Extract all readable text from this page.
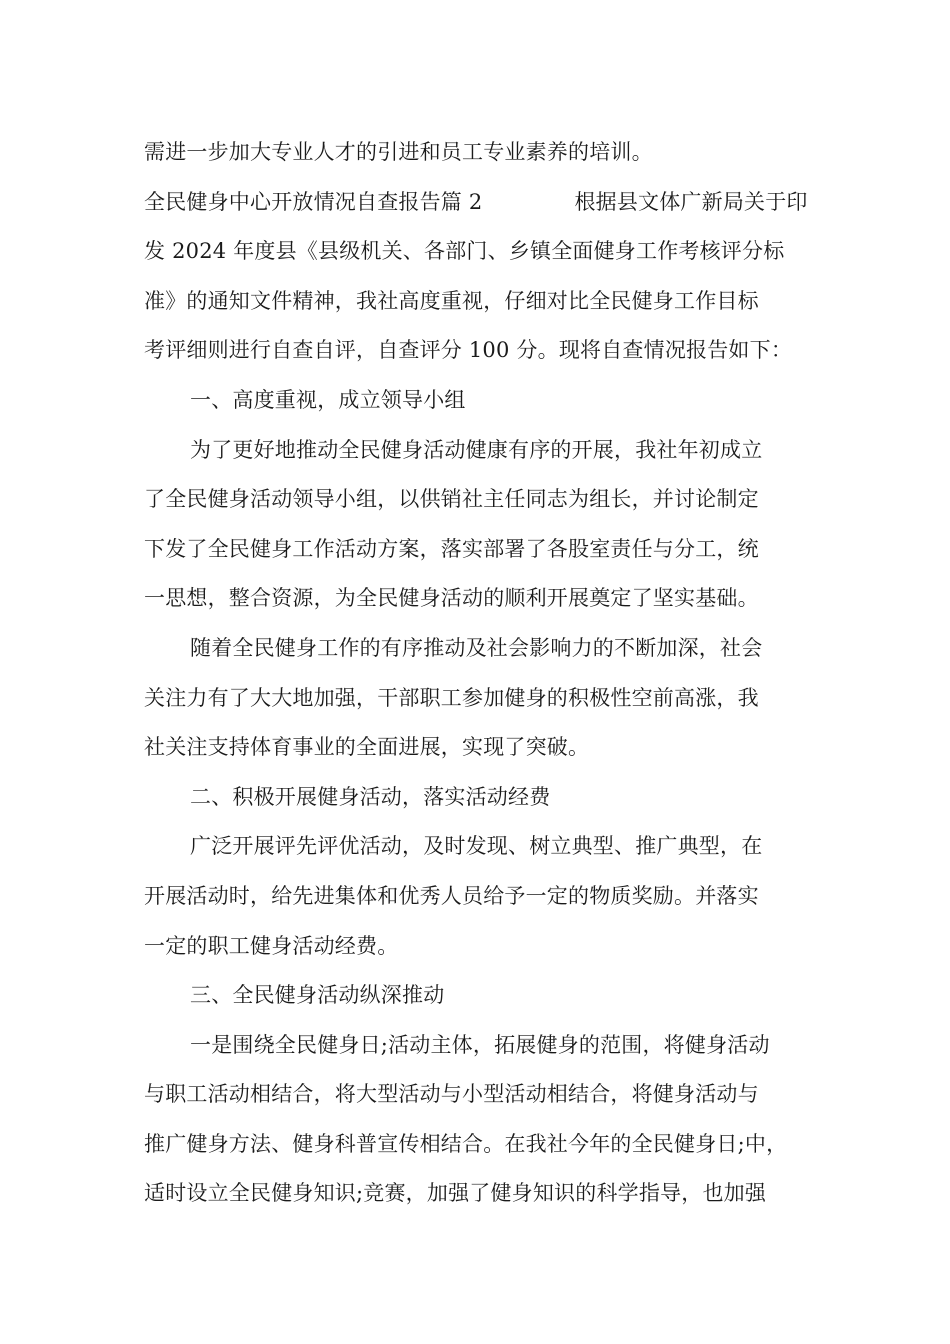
需进一步加大专业人才的引进和员工专业素养的培训。
全民健身中心开放情况自查报告篇 2	根据县文体广新局关于印
发 2024 年度县《县级机关、各部门、乡镇全面健身工作考核评分标
准》的通知文件精神，我社高度重视，仔细对比全民健身工作目标
考评细则进行自查自评，自查评分 100 分。现将自查情况报告如下：
一、高度重视，成立领导小组
为了更好地推动全民健身活动健康有序的开展，我社年初成立
了全民健身活动领导小组，以供销社主任同志为组长，并讨论制定
下发了全民健身工作活动方案，落实部署了各股室责任与分工，统
一思想，整合资源，为全民健身活动的顺利开展奠定了坚实基础。
随着全民健身工作的有序推动及社会影响力的不断加深，社会
关注力有了大大地加强，干部职工参加健身的积极性空前高涨，我
社关注支持体育事业的全面进展，实现了突破。
二、积极开展健身活动，落实活动经费
广泛开展评先评优活动，及时发现、树立典型、推广典型，在
开展活动时，给先进集体和优秀人员给予一定的物质奖励。并落实
一定的职工健身活动经费。
三、全民健身活动纵深推动
一是围绕全民健身日;活动主体，拓展健身的范围，将健身活动
与职工活动相结合，将大型活动与小型活动相结合，将健身活动与
推广健身方法、健身科普宣传相结合。在我社今年的全民健身日;中，
适时设立全民健身知识;竞赛，加强了健身知识的科学指导，也加强
